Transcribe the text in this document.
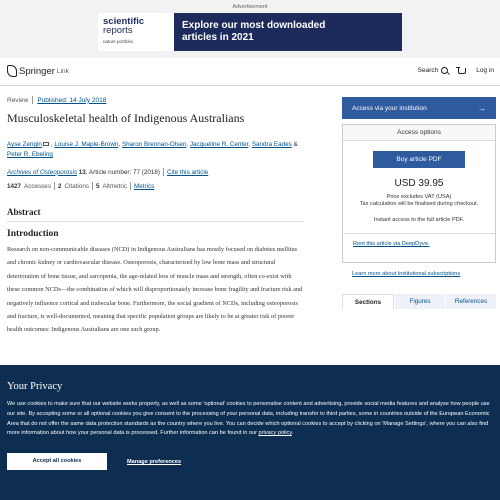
Advertisement
scientific
reports
nature portfolio
Explore our most downloaded
articles in 2021
Springer Link	Search	Log in
Review Published: 14 July 2018
Musculoskeletal health of Indigenous Australians
Ayse Zengin , Louise J. Maple-Brown, Sharon Brennan-Olsen, Jacqueline R. Center, Sandra Eades & Peter R. Ebeling
Archives of Osteoporosis
13 , Article number: 77 (2018) Cite this article
1427 Accesses 2 Citations 5 Altmetric Metrics
Abstract
Introduction

Research on non-communicable diseases (NCD) in Indigenous Australians has mostly focused on diabetes mellitus and chronic kidney or cardiovascular disease. Osteoporosis, characterised by low bone mass and structural deterioration of bone tissue, and sarcopenia, the age-related loss of muscle mass and strength, often co-exist with these common NCDs—the combination of which will disproportionately increase bone fragility and fracture risk and negatively influence cortical and trabecular bone. Furthermore, the social gradient of NCDs, including osteoporosis and fracture, is well-documented, meaning that specific population groups are likely to be at greater risk of poorer health outcomes: Indigenous Australians are one such group.

Access via your institution	→
Access options
Buy article PDF
USD 39.95
Price excludes VAT (USA)
Tax calculation will be finalised during checkout.
Instant access to the full article PDF.
Rent this article via DeepDyve.
Learn more about Institutional subscriptions
Sections	Figures	References
Your Privacy

We use cookies to make sure that our website works properly, as well as some 'optional' cookies to personalise content and advertising, provide social media features and analyse how people use our site. By accepting some or all optional cookies you give consent to the processing of your personal data, including transfer to third parties, some in countries outside of the European Economic Area that do not offer the same data protection standards as the country where you live. You can decide which optional cookies to accept by clicking on 'Manage Settings', where you can also find more information about how your personal data is processed. Further information can be found in our privacy policy.

Accept all cookies	Manage preferences
